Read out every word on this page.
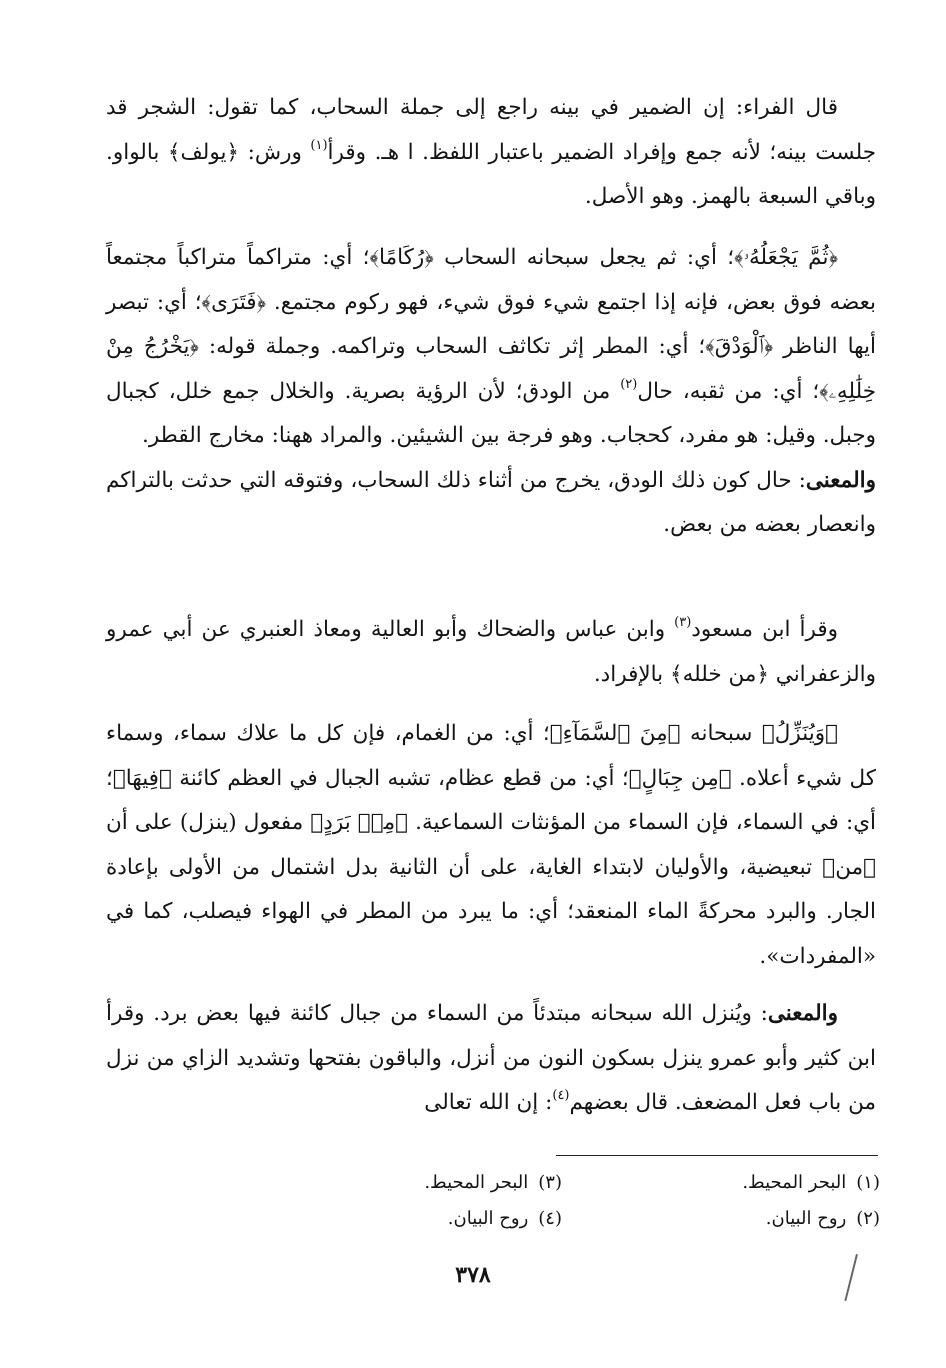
قال الفراء: إن الضمير في بينه راجع إلى جملة السحاب، كما تقول: الشجر قد جلست بينه؛ لأنه جمع وإفراد الضمير باعتبار اللفظ. ا هـ. وقرأ$^{(١)}$ ورش: ﴿يولف﴾ بالواو. وباقي السبعة بالهمز. وهو الأصل.

﴿ثُمَّ يَجْعَلُهُۥ﴾؛ أي: ثم يجعل سبحانه السحاب ﴿رُكَامًا﴾؛ أي: متراكماً متراكباً مجتمعاً بعضه فوق بعض، فإنه إذا اجتمع شيء فوق شيء، فهو ركوم مجتمع. ﴿فَتَرَى﴾؛ أي: تبصر أيها الناظر ﴿ٱلْوَدْقَ﴾؛ أي: المطر إثر تكاثف السحاب وتراكمه. وجملة قوله: ﴿يَخْرُجُ مِنْ خِلَٰلِهِۦ﴾؛ أي: من ثقبه، حال$^{(٢)}$ من الودق؛ لأن الرؤية بصرية. والخلال جمع خلل، كجبال وجبل. وقيل: هو مفرد، كحجاب. وهو فرجة بين الشيئين. والمراد ههنا: مخارج القطر.

والمعنى: حال كون ذلك الودق، يخرج من أثناء ذلك السحاب، وفتوقه التي حدثت بالتراكم وانعصار بعضه من بعض.

وقرأ ابن مسعود$^{(٣)}$ وابن عباس والضحاك وأبو العالية ومعاذ العنبري عن أبي عمرو والزعفراني ﴿من خلله﴾ بالإفراد.

﴿وَيُنَزِّلُ﴾ سبحانه ﴿مِنَ ٱلسَّمَآءِ﴾؛ أي: من الغمام، فإن كل ما علاك سماء، وسماء كل شيء أعلاه. ﴿مِن جِبَالٍ﴾؛ أي: من قطع عظام، تشبه الجبال في العظم كائنة ﴿فِيهَا﴾؛ أي: في السماء، فإن السماء من المؤنثات السماعية. ﴿مِنۢ بَرَدٍ﴾ مفعول (ينزل) على أن ﴿من﴾ تبعيضية، والأوليان لابتداء الغاية، على أن الثانية بدل اشتمال من الأولى بإعادة الجار. والبرد محركةً الماء المنعقد؛ أي: ما يبرد من المطر في الهواء فيصلب، كما في «المفردات».

والمعنى: ويُنزل الله سبحانه مبتدئاً من السماء من جبال كائنة فيها بعض برد. وقرأ ابن كثير وأبو عمرو ينزل بسكون النون من أنزل، والباقون بفتحها وتشديد الزاي من نزل من باب فعل المضعف. قال بعضهم$^{(٤)}$: إن الله تعالى

(١)البحر المحيط.
(٢)روح البيان.
(٣)البحر المحيط.
(٤)روح البيان.
٣٧٨
